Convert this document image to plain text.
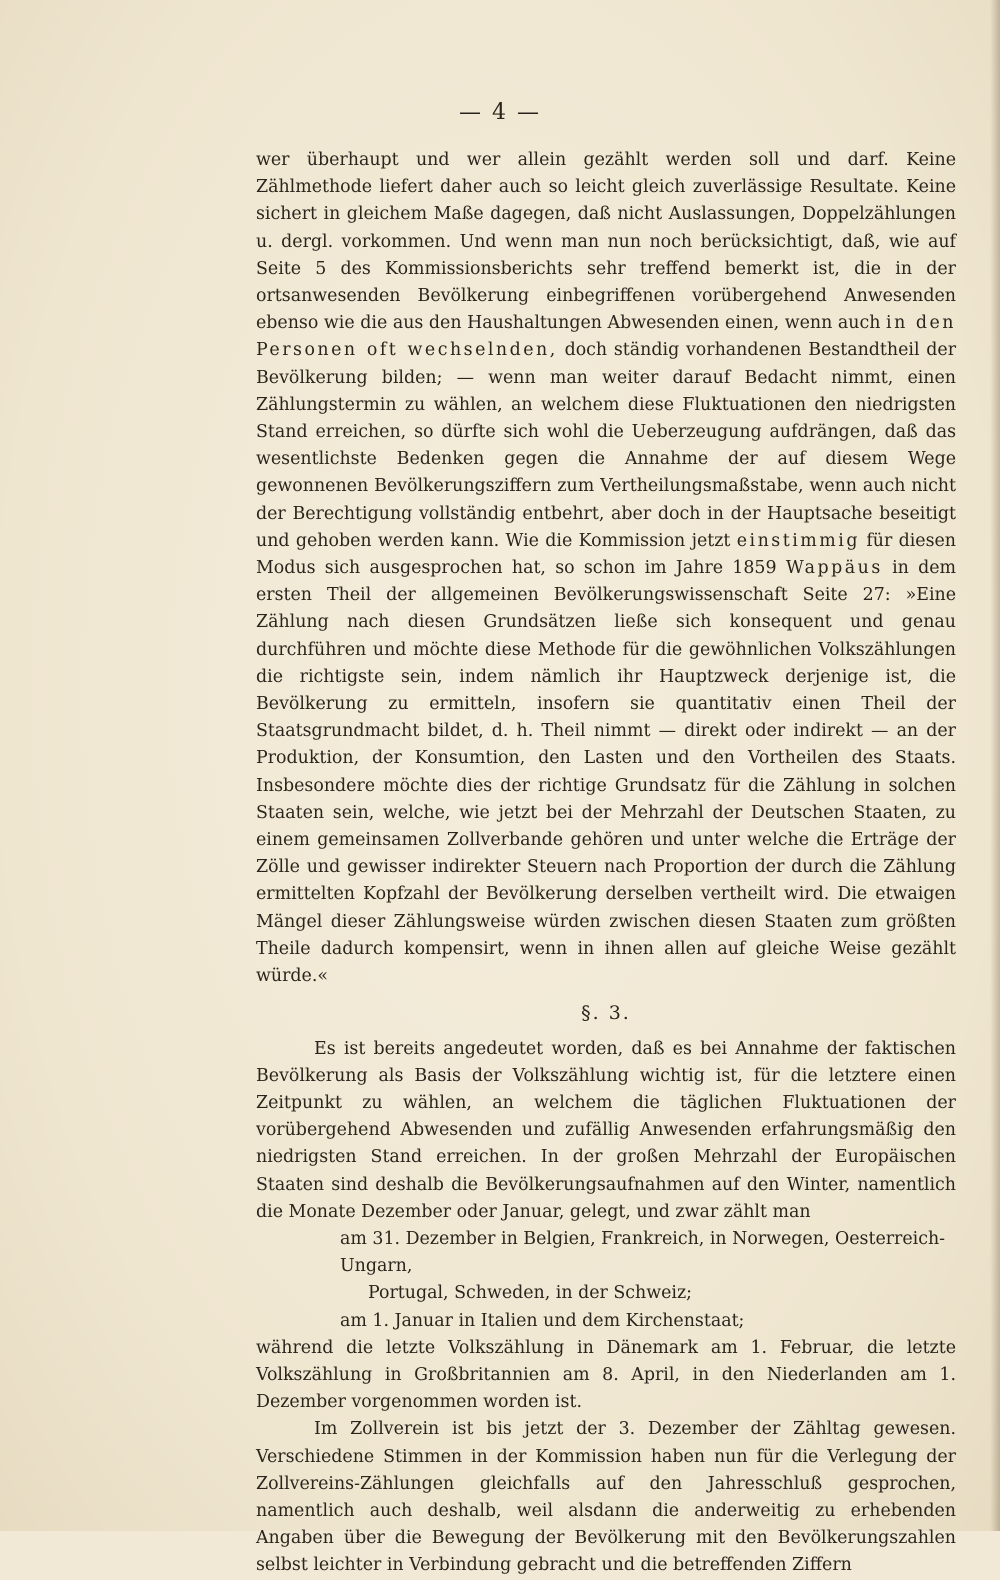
— 4 —

wer überhaupt und wer allein gezählt werden soll und darf. Keine Zählmethode liefert daher auch so leicht gleich zuverlässige Resultate. Keine sichert in gleichem Maße dagegen, daß nicht Auslassungen, Doppelzählungen u. dergl. vorkommen. Und wenn man nun noch berücksichtigt, daß, wie auf Seite 5 des Kommissionsberichts sehr treffend bemerkt ist, die in der ortsanwesenden Bevölkerung einbegriffenen vorübergehend Anwesenden ebenso wie die aus den Haushaltungen Abwesenden einen, wenn auch in den Personen oft wechselnden, doch ständig vorhandenen Bestandtheil der Bevölkerung bilden; — wenn man weiter darauf Bedacht nimmt, einen Zählungstermin zu wählen, an welchem diese Fluktuationen den niedrigsten Stand erreichen, so dürfte sich wohl die Ueberzeugung aufdrängen, daß das wesentlichste Bedenken gegen die Annahme der auf diesem Wege gewonnenen Bevölkerungsziffern zum Vertheilungsmaßstabe, wenn auch nicht der Berechtigung vollständig entbehrt, aber doch in der Hauptsache beseitigt und gehoben werden kann. Wie die Kommission jetzt einstimmig für diesen Modus sich ausgesprochen hat, so schon im Jahre 1859 Wappäus in dem ersten Theil der allgemeinen Bevölkerungswissenschaft Seite 27: »Eine Zählung nach diesen Grundsätzen ließe sich konsequent und genau durchführen und möchte diese Methode für die gewöhnlichen Volkszählungen die richtigste sein, indem nämlich ihr Hauptzweck derjenige ist, die Bevölkerung zu ermitteln, insofern sie quantitativ einen Theil der Staatsgrundmacht bildet, d. h. Theil nimmt — direkt oder indirekt — an der Produktion, der Konsumtion, den Lasten und den Vortheilen des Staats. Insbesondere möchte dies der richtige Grundsatz für die Zählung in solchen Staaten sein, welche, wie jetzt bei der Mehrzahl der Deutschen Staaten, zu einem gemeinsamen Zollverbande gehören und unter welche die Erträge der Zölle und gewisser indirekter Steuern nach Proportion der durch die Zählung ermittelten Kopfzahl der Bevölkerung derselben vertheilt wird. Die etwaigen Mängel dieser Zählungsweise würden zwischen diesen Staaten zum größten Theile dadurch kompensirt, wenn in ihnen allen auf gleiche Weise gezählt würde.«

§. 3.

Es ist bereits angedeutet worden, daß es bei Annahme der faktischen Bevölkerung als Basis der Volkszählung wichtig ist, für die letztere einen Zeitpunkt zu wählen, an welchem die täglichen Fluktuationen der vorübergehend Abwesenden und zufällig Anwesenden erfahrungsmäßig den niedrigsten Stand erreichen. In der großen Mehrzahl der Europäischen Staaten sind deshalb die Bevölkerungsaufnahmen auf den Winter, namentlich die Monate Dezember oder Januar, gelegt, und zwar zählt man

am 31. Dezember in Belgien, Frankreich, in Norwegen, Oesterreich-Ungarn,

Portugal, Schweden, in der Schweiz;

am 1. Januar in Italien und dem Kirchenstaat;

während die letzte Volkszählung in Dänemark am 1. Februar, die letzte Volkszählung in Großbritannien am 8. April, in den Niederlanden am 1. Dezember vorgenommen worden ist.

Im Zollverein ist bis jetzt der 3. Dezember der Zähltag gewesen. Verschiedene Stimmen in der Kommission haben nun für die Verlegung der Zollvereins-Zählungen gleichfalls auf den Jahresschluß gesprochen, namentlich auch deshalb, weil alsdann die anderweitig zu erhebenden Angaben über die Bewegung der Bevölkerung mit den Bevölkerungszahlen selbst leichter in Verbindung gebracht und die betreffenden Ziffern
